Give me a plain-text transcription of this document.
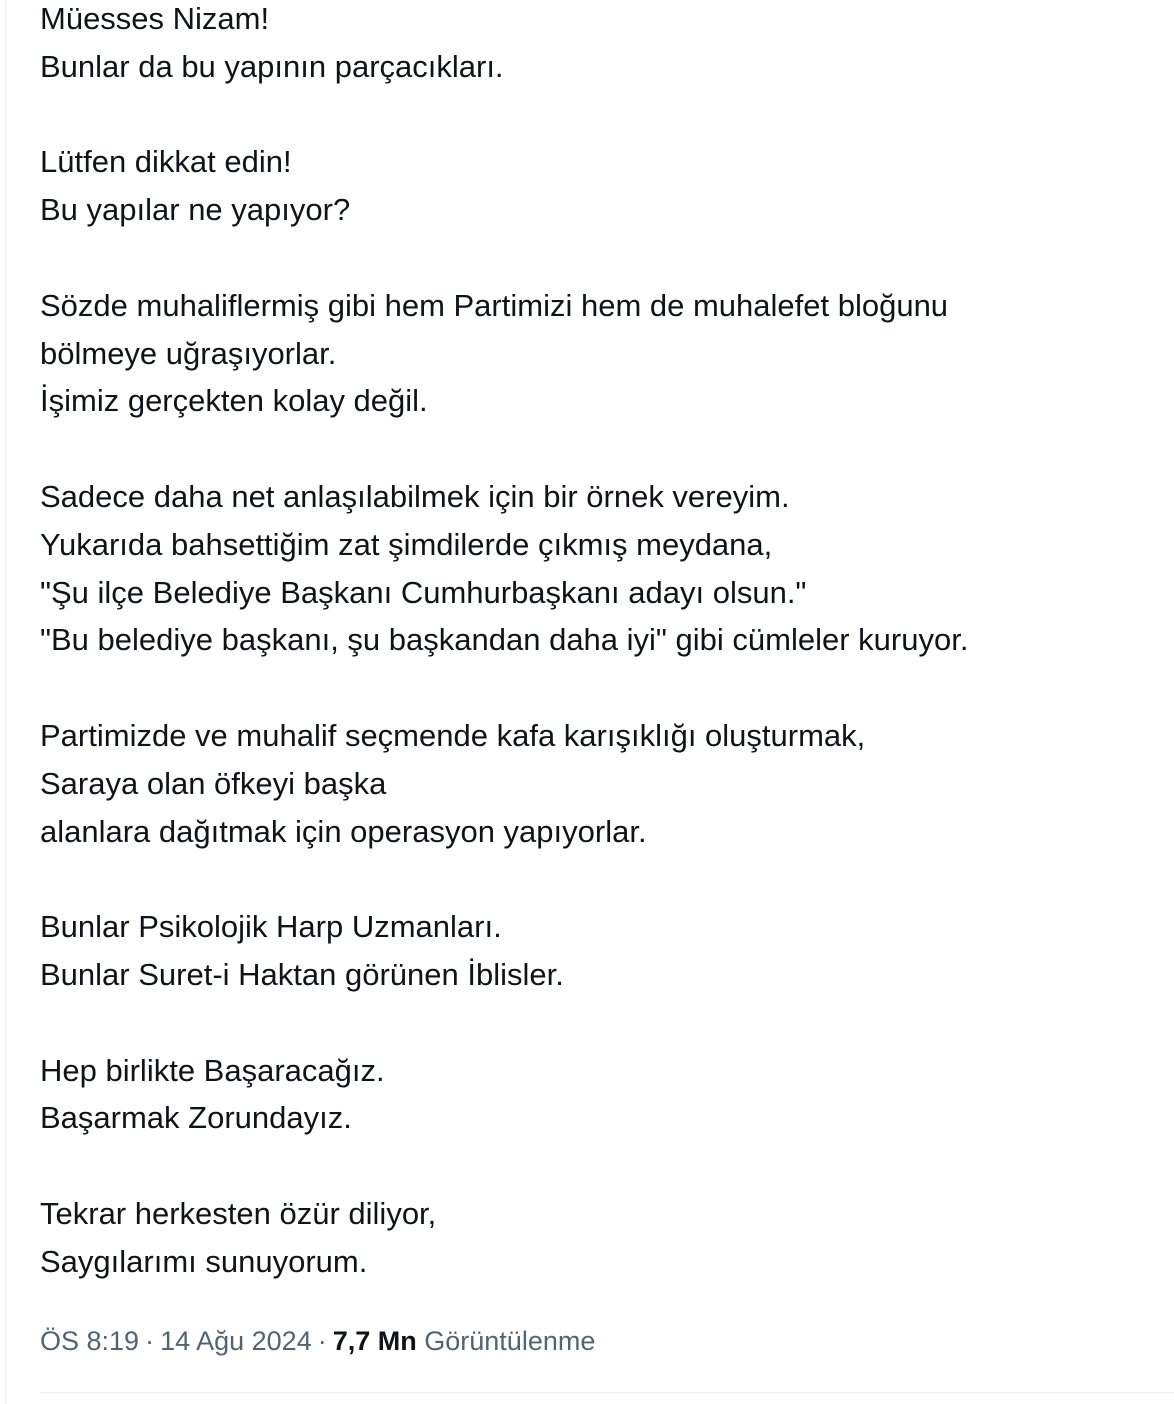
Müesses Nizam!
Bunlar da bu yapının parçacıkları.
Lütfen dikkat edin!
Bu yapılar ne yapıyor?
Sözde muhaliflermiş gibi hem Partimizi hem de muhalefet bloğunu
bölmeye uğraşıyorlar.
İşimiz gerçekten kolay değil.
Sadece daha net anlaşılabilmek için bir örnek vereyim.
Yukarıda bahsettiğim zat şimdilerde çıkmış meydana,
"Şu ilçe Belediye Başkanı Cumhurbaşkanı adayı olsun."
"Bu belediye başkanı, şu başkandan daha iyi" gibi cümleler kuruyor.
Partimizde ve muhalif seçmende kafa karışıklığı oluşturmak,
Saraya olan öfkeyi başka
alanlara dağıtmak için operasyon yapıyorlar.
Bunlar Psikolojik Harp Uzmanları.
Bunlar Suret-i Haktan görünen İblisler.
Hep birlikte Başaracağız.
Başarmak Zorundayız.
Tekrar herkesten özür diliyor,
Saygılarımı sunuyorum.
ÖS 8:19 · 14 Ağu 2024 · 7,7 Mn Görüntülenme
